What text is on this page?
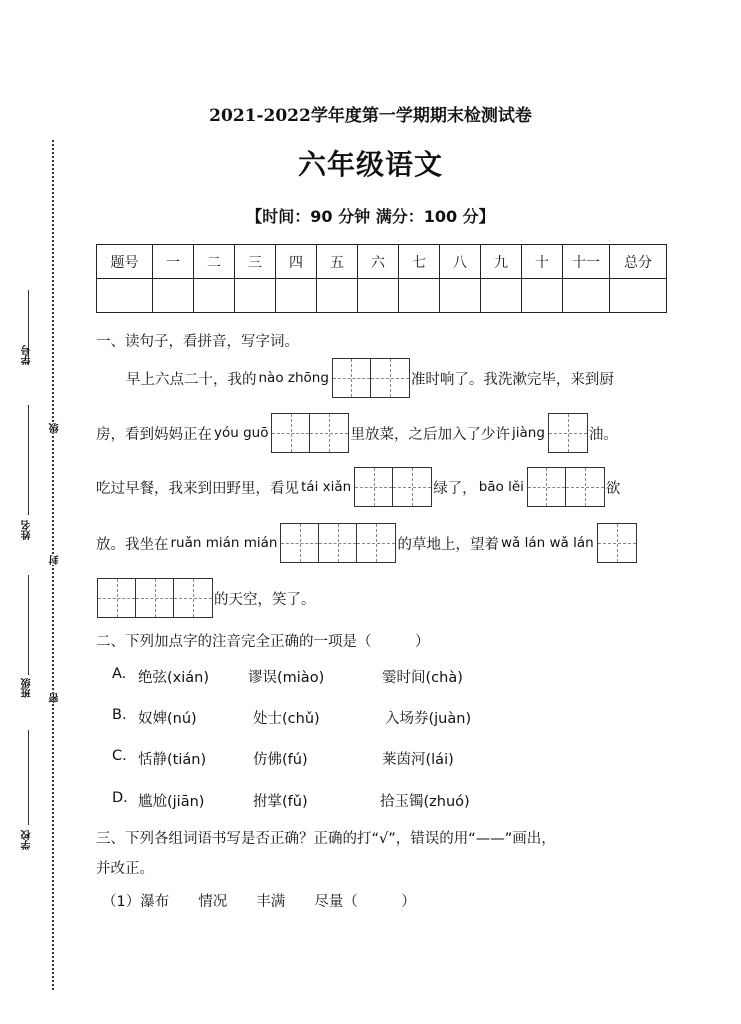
学号
姓名
班级
学校
级
封
密
2021-2022学年度第一学期期末检测试卷
六年级语文
【时间：90 分钟 满分：100 分】
题号	一	二	三	四	五	六	七	八	九	十	十一	总分

一、读句子，看拼音，写字词。
早上六点二十，我的 nào zhōng	准时响了。我洗漱完毕，来到厨
房，看到妈妈正在 yóu guō	里放菜，之后加入了少许 jiàng	油。
吃过早餐，我来到田野里，看见 tái xiǎn	绿了， bāo lěi	欲
放。我坐在 ruǎn mián mián	的草地上，望着 wǎ lán wǎ lán
的天空，笑了。
二、下列加点字的注音完全正确的一项是（　　　）
A. 绝弦(xián)	谬误(miào)	霎时间(chà)
B. 奴婢(nú)	处士(chǔ)	入场券(juàn)
C. 恬静(tián)	仿佛(fú)	莱茵河(lái)
D. 尴尬(jiān)	拊掌(fǔ)	拾玉镯(zhuó)
三、下列各组词语书写是否正确？正确的打“√”，错误的用“——”画出，
并改正。
（1）瀑布　　情况　　丰满　　尽量（　　　）
